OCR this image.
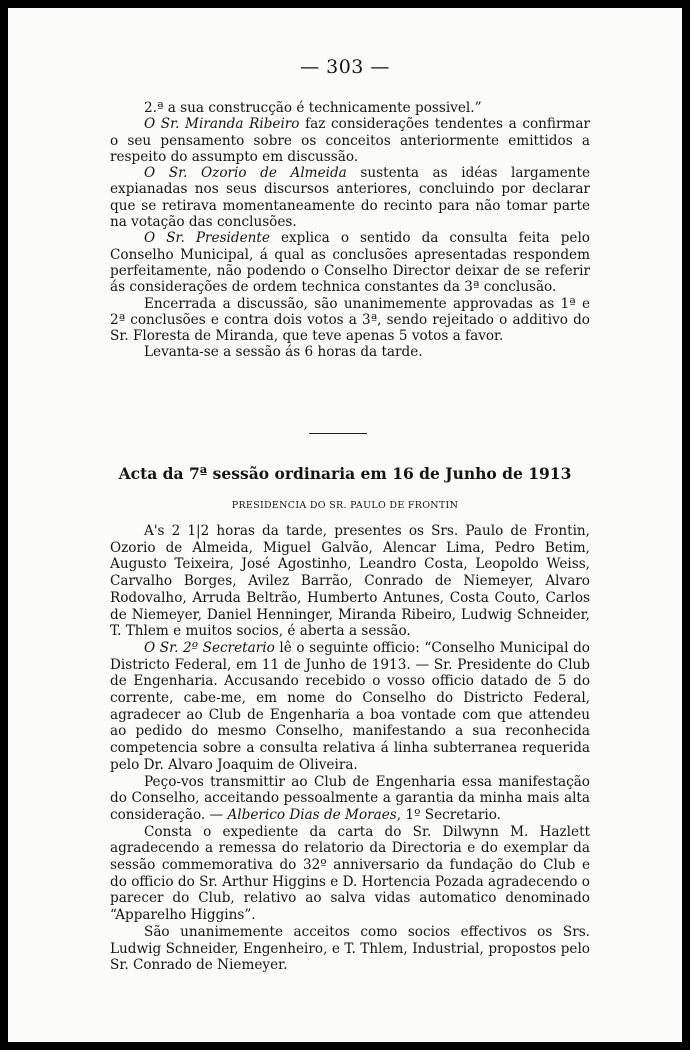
— 303 —

2.ª a sua construcção é technicamente possivel.”

O Sr. Miranda Ribeiro faz considerações tendentes a confirmar o seu pensamento sobre os conceitos anteriormente emittidos a respeito do assumpto em discussão.

O Sr. Ozorio de Almeida sustenta as idéas largamente expianadas nos seus discursos anteriores, concluindo por declarar que se retirava momentaneamente do recinto para não tomar parte na votação das conclusões.

O Sr. Presidente explica o sentido da consulta feita pelo Conselho Municipal, á qual as conclusões apresentadas respondem perfeitamente, não podendo o Conselho Director deixar de se referir ás considerações de ordem technica constantes da 3ª conclusão.

Encerrada a discussão, são unanimemente approvadas as 1ª e 2ª conclusões e contra dois votos a 3ª, sendo rejeitado o additivo do Sr. Floresta de Miranda, que teve apenas 5 votos a favor.

Levanta-se a sessão ás 6 horas da tarde.

Acta da 7ª sessão ordinaria em 16 de Junho de 1913
PRESIDENCIA DO SR. PAULO DE FRONTIN

A's 2 1|2 horas da tarde, presentes os Srs. Paulo de Frontin, Ozorio de Almeida, Miguel Galvão, Alencar Lima, Pedro Betim, Augusto Teixeira, José Agostinho, Leandro Costa, Leopoldo Weiss, Carvalho Borges, Avilez Barrão, Conrado de Niemeyer, Alvaro Rodovalho, Arruda Beltrão, Humberto Antunes, Costa Couto, Carlos de Niemeyer, Daniel Henninger, Miranda Ribeiro, Ludwig Schneider, T. Thlem e muitos socios, é aberta a sessão.

O Sr. 2º Secretario lê o seguinte officio: “Conselho Municipal do Districto Federal, em 11 de Junho de 1913. — Sr. Presidente do Club de Engenharia. Accusando recebido o vosso officio datado de 5 do corrente, cabe-me, em nome do Conselho do Districto Federal, agradecer ao Club de Engenharia a boa vontade com que attendeu ao pedido do mesmo Conselho, manifestando a sua reconhecida competencia sobre a consulta relativa á linha subterranea requerida pelo Dr. Alvaro Joaquim de Oliveira.

Peço-vos transmittir ao Club de Engenharia essa manifestação do Conselho, acceitando pessoalmente a garantia da minha mais alta consideração. — Alberico Dias de Moraes, 1º Secretario.

Consta o expediente da carta do Sr. Dilwynn M. Hazlett agradecendo a remessa do relatorio da Directoria e do exemplar da sessão commemorativa do 32º anniversario da fundação do Club e do officio do Sr. Arthur Higgins e D. Hortencia Pozada agradecendo o parecer do Club, relativo ao salva vidas automatico denominado “Apparelho Higgins”.

São unanimemente acceitos como socios effectivos os Srs. Ludwig Schneider, Engenheiro, e T. Thlem, Industrial, propostos pelo Sr. Conrado de Niemeyer.
